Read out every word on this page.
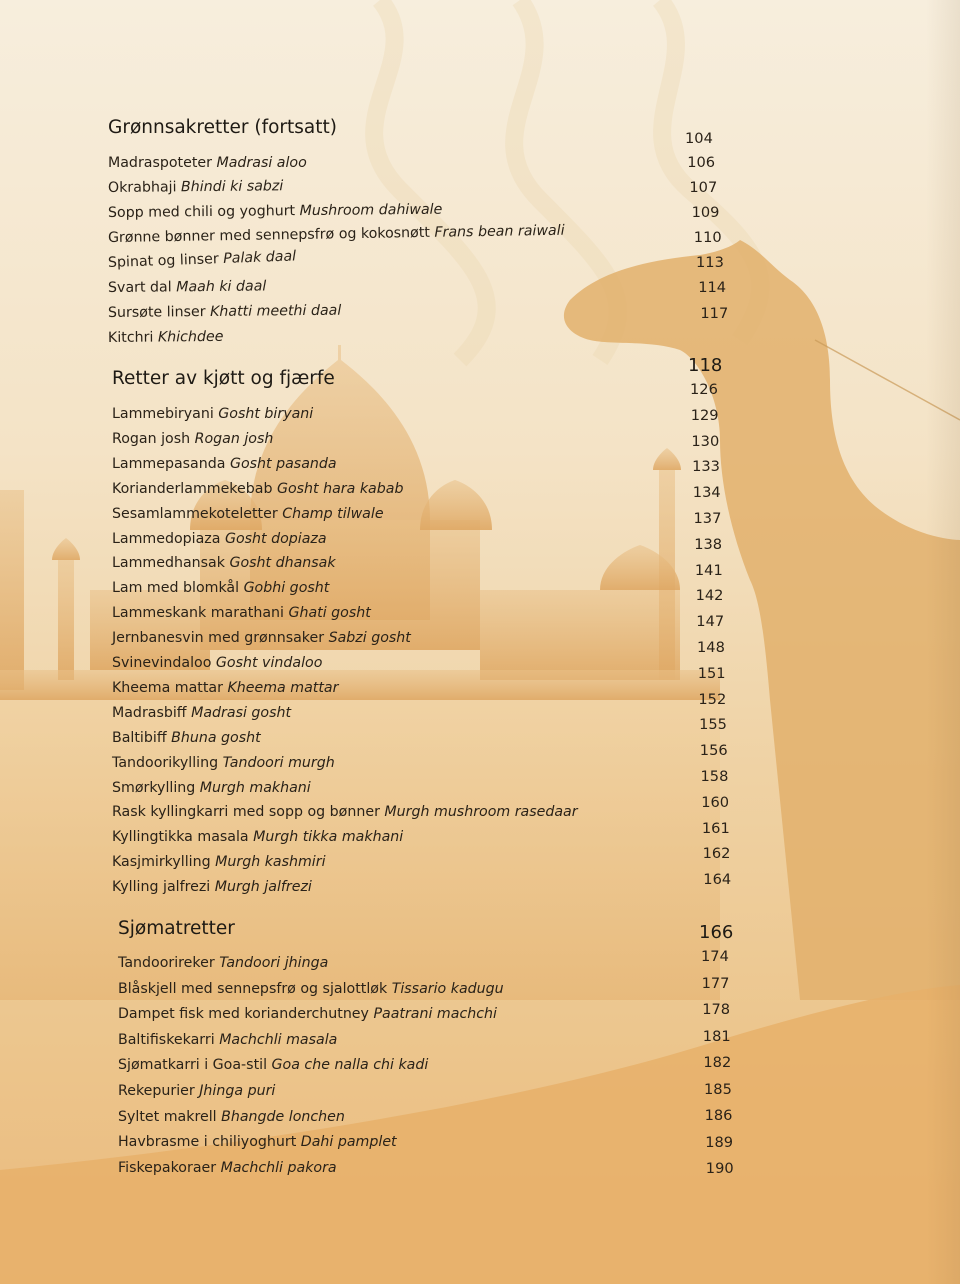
Grønnsakretter (fortsatt)
Madraspoteter Madrasi aloo
Okrabhaji Bhindi ki sabzi
Sopp med chili og yoghurt Mushroom dahiwale
Grønne bønner med sennepsfrø og kokosnøtt Frans bean raiwali
Spinat og linser Palak daal
Svart dal Maah ki daal
Sursøte linser Khatti meethi daal
Kitchri Khichdee
104
106
107
109
110
113
114
117
Retter av kjøtt og fjærfe
Lammebiryani Gosht biryani
Rogan josh Rogan josh
Lammepasanda Gosht pasanda
Korianderlammekebab Gosht hara kabab
Sesamlammekoteletter Champ tilwale
Lammedopiaza Gosht dopiaza
Lammedhansak Gosht dhansak
Lam med blomkål Gobhi gosht
Lammeskank marathani Ghati gosht
Jernbanesvin med grønnsaker Sabzi gosht
Svinevindaloo Gosht vindaloo
Kheema mattar Kheema mattar
Madrasbiff Madrasi gosht
Baltibiff Bhuna gosht
Tandoorikylling Tandoori murgh
Smørkylling Murgh makhani
Rask kyllingkarri med sopp og bønner Murgh mushroom rasedaar
Kyllingtikka masala Murgh tikka makhani
Kasjmirkylling Murgh kashmiri
Kylling jalfrezi Murgh jalfrezi
118
126
129
130
133
134
137
138
141
142
147
148
151
152
155
156
158
160
161
162
164
Sjømatretter
Tandoorireker Tandoori jhinga
Blåskjell med sennepsfrø og sjalottløk Tissario kadugu
Dampet fisk med korianderchutney Paatrani machchi
Baltifiskekarri Machchli masala
Sjømatkarri i Goa-stil Goa che nalla chi kadi
Rekepurier Jhinga puri
Syltet makrell Bhangde lonchen
Havbrasme i chiliyoghurt Dahi pamplet
Fiskepakoraer Machchli pakora
166
174
177
178
181
182
185
186
189
190
